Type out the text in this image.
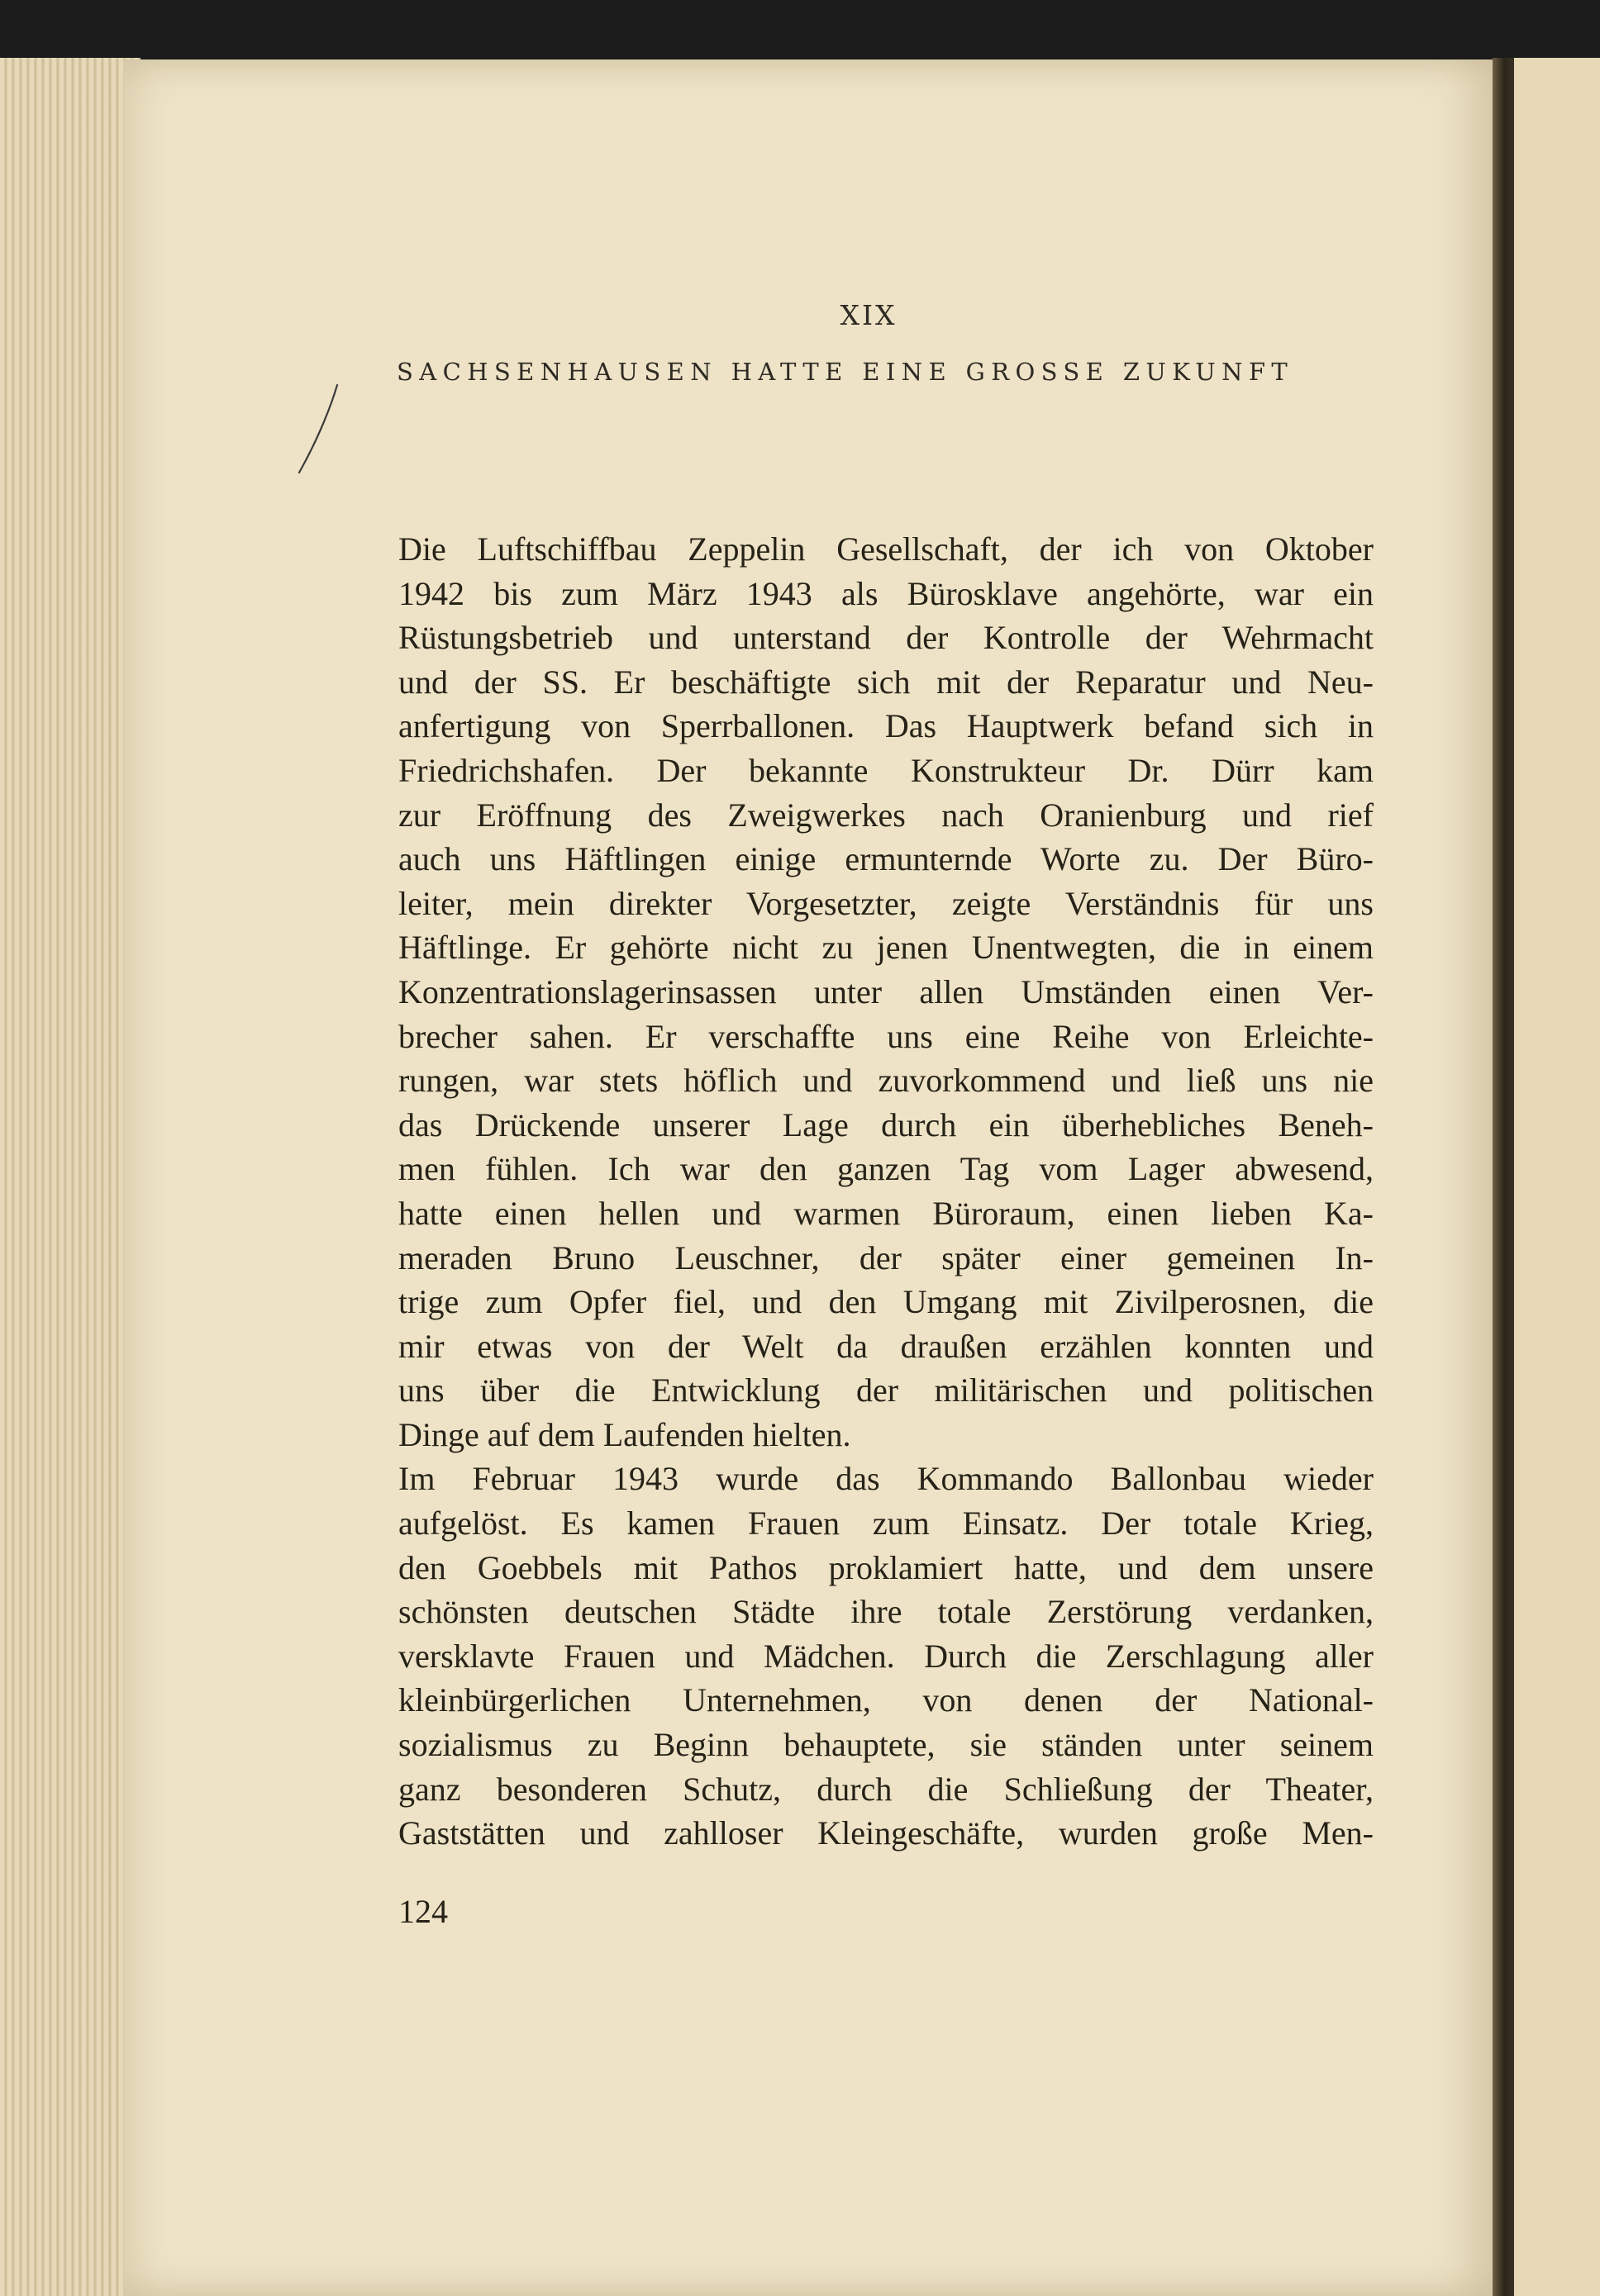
XIX
SACHSENHAUSEN HATTE EINE GROSSE ZUKUNFT
Die Luftschiffbau Zeppelin Gesellschaft, der ich von Oktober
1942 bis zum März 1943 als Bürosklave angehörte, war ein
Rüstungsbetrieb und unterstand der Kontrolle der Wehrmacht
und der SS. Er beschäftigte sich mit der Reparatur und Neu-
anfertigung von Sperrballonen. Das Hauptwerk befand sich in
Friedrichshafen. Der bekannte Konstrukteur Dr. Dürr kam
zur Eröffnung des Zweigwerkes nach Oranienburg und rief
auch uns Häftlingen einige ermunternde Worte zu. Der Büro-
leiter, mein direkter Vorgesetzter, zeigte Verständnis für uns
Häftlinge. Er gehörte nicht zu jenen Unentwegten, die in einem
Konzentrationslagerinsassen unter allen Umständen einen Ver-
brecher sahen. Er verschaffte uns eine Reihe von Erleichte-
rungen, war stets höflich und zuvorkommend und ließ uns nie
das Drückende unserer Lage durch ein überhebliches Beneh-
men fühlen. Ich war den ganzen Tag vom Lager abwesend,
hatte einen hellen und warmen Büroraum, einen lieben Ka-
meraden Bruno Leuschner, der später einer gemeinen In-
trige zum Opfer fiel, und den Umgang mit Zivilperosnen, die
mir etwas von der Welt da draußen erzählen konnten und
uns über die Entwicklung der militärischen und politischen
Dinge auf dem Laufenden hielten.
Im Februar 1943 wurde das Kommando Ballonbau wieder
aufgelöst. Es kamen Frauen zum Einsatz. Der totale Krieg,
den Goebbels mit Pathos proklamiert hatte, und dem unsere
schönsten deutschen Städte ihre totale Zerstörung verdanken,
versklavte Frauen und Mädchen. Durch die Zerschlagung aller
kleinbürgerlichen Unternehmen, von denen der National-
sozialismus zu Beginn behauptete, sie ständen unter seinem
ganz besonderen Schutz, durch die Schließung der Theater,
Gaststätten und zahlloser Kleingeschäfte, wurden große Men-
124
